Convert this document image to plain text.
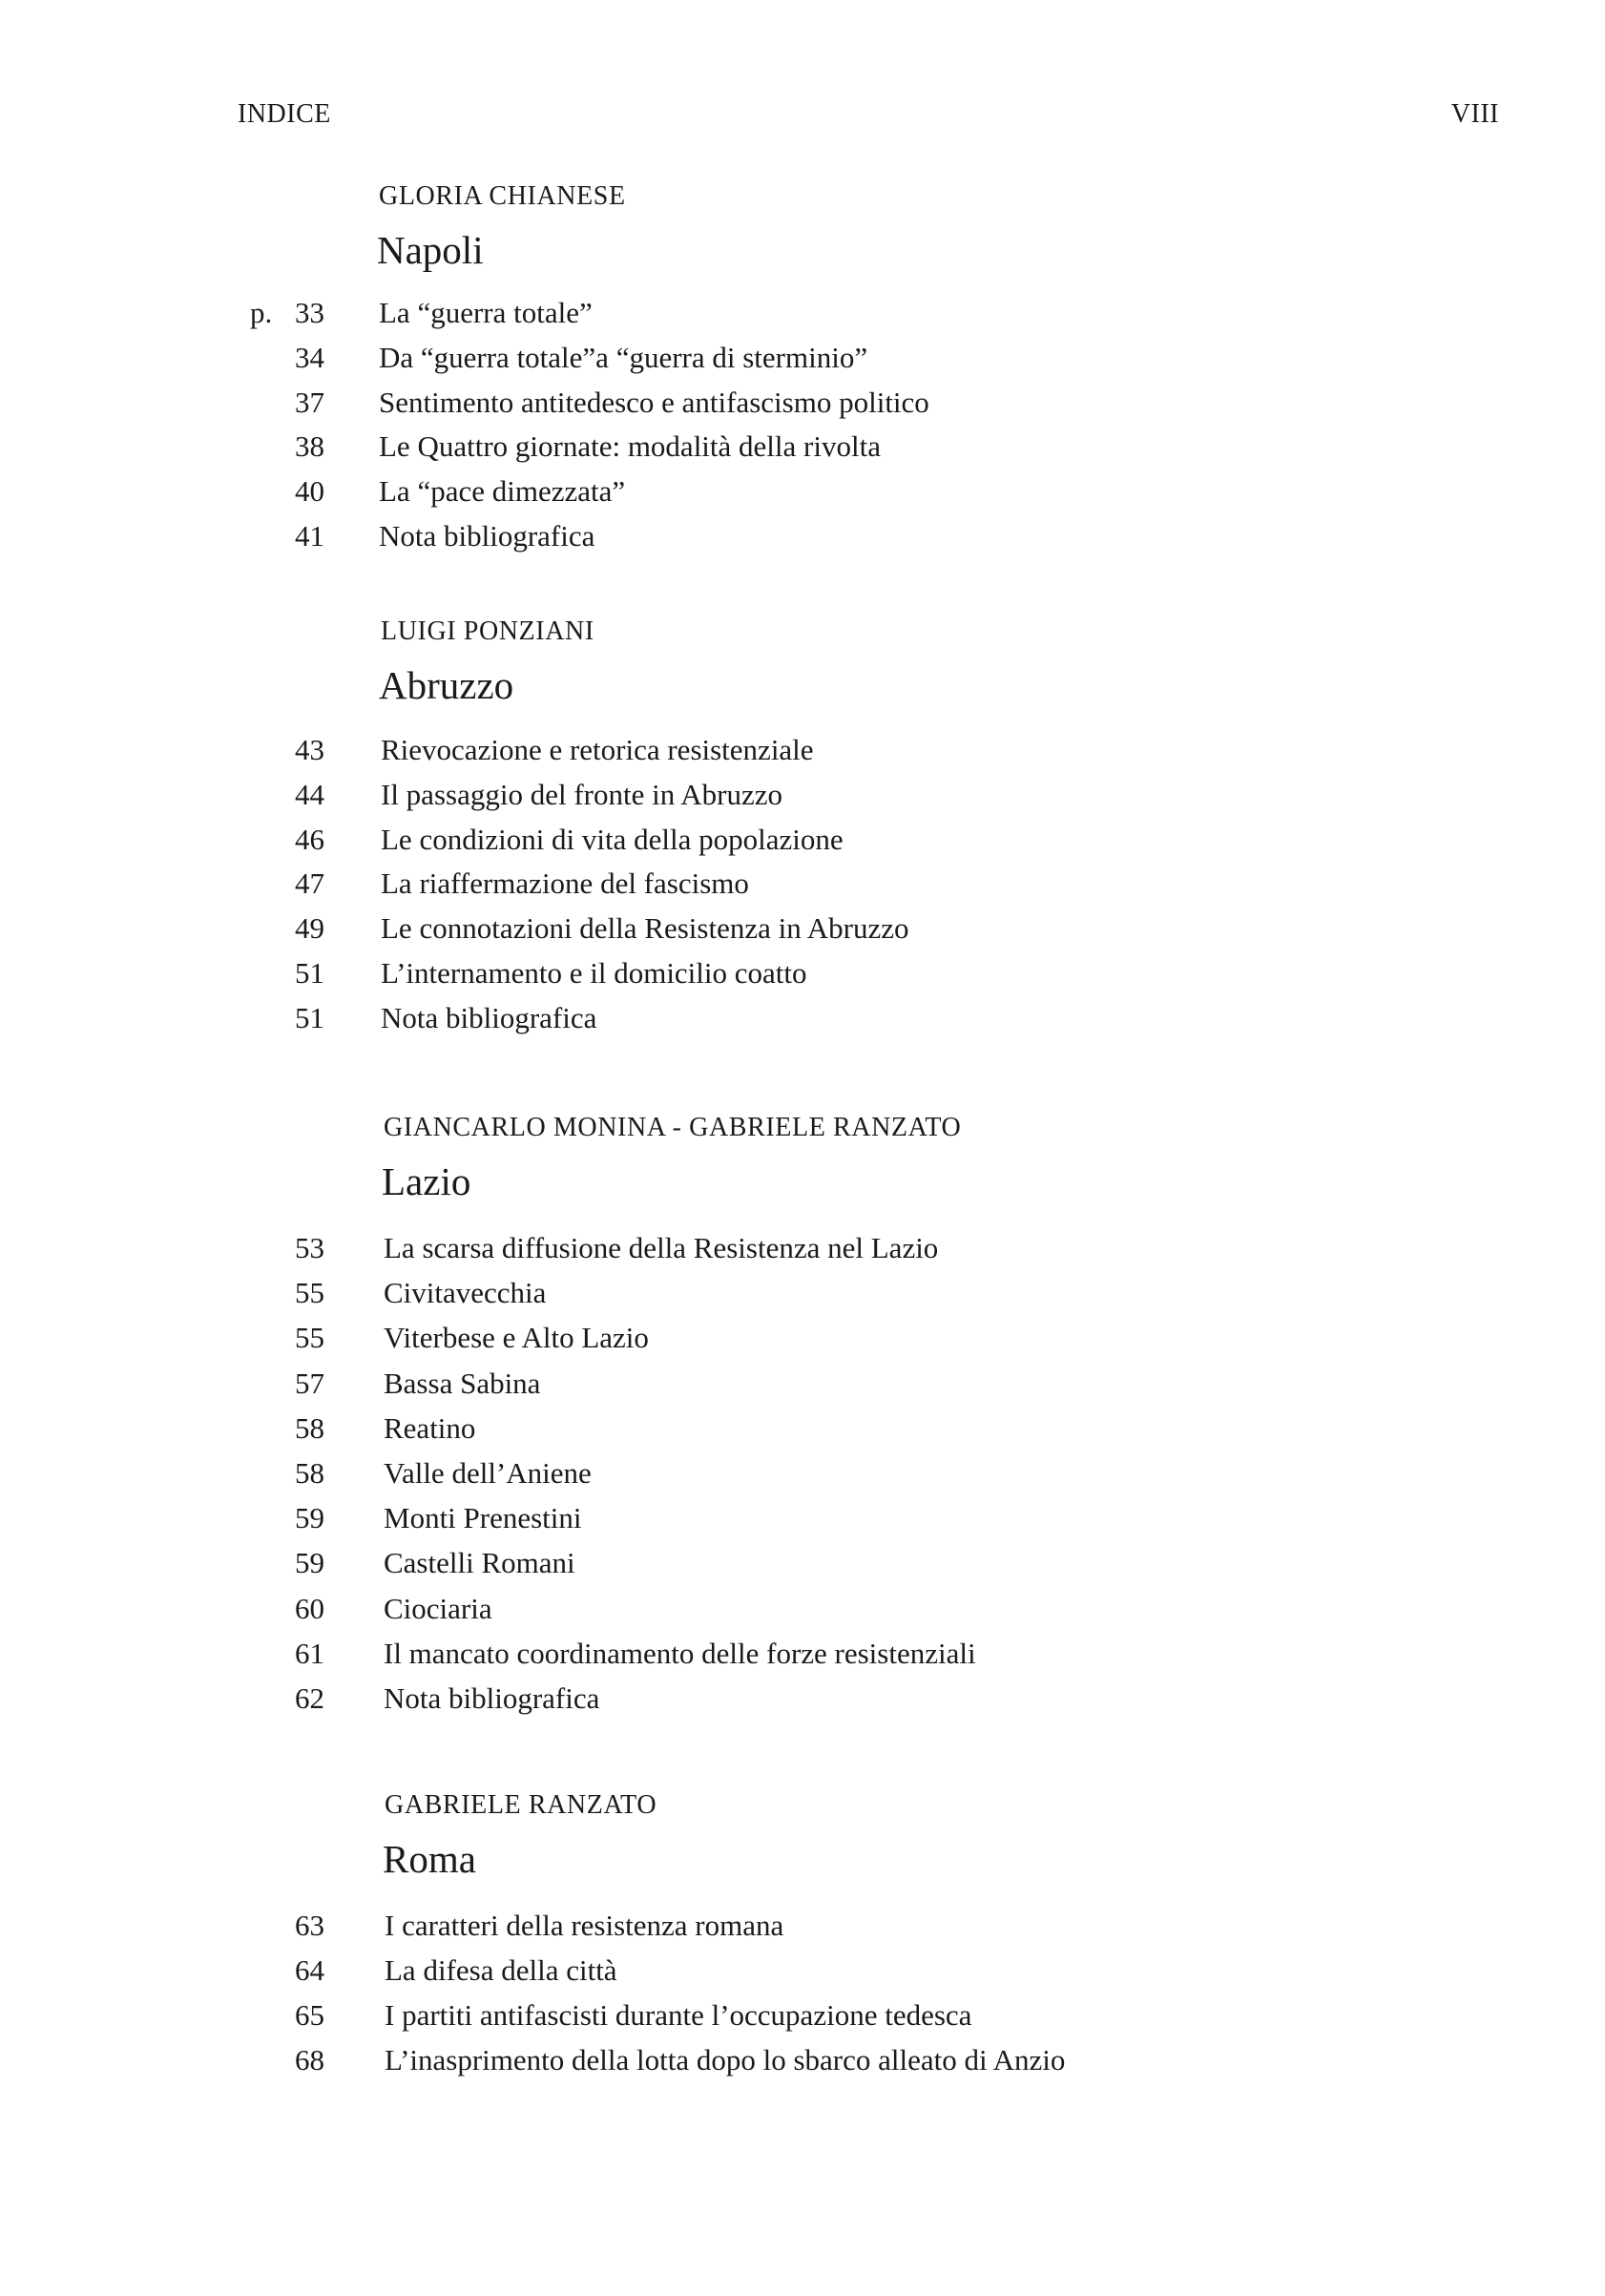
INDICE	VIII
GLORIA CHIANESE
Napoli
p. 33 La “guerra totale”
34 Da “guerra totale”a “guerra di sterminio”
37 Sentimento antitedesco e antifascismo politico
38 Le Quattro giornate: modalità della rivolta
40 La “pace dimezzata”
41 Nota bibliografica
LUIGI PONZIANI
Abruzzo
43 Rievocazione e retorica resistenziale
44 Il passaggio del fronte in Abruzzo
46 Le condizioni di vita della popolazione
47 La riaffermazione del fascismo
49 Le connotazioni della Resistenza in Abruzzo
51 L’internamento e il domicilio coatto
51 Nota bibliografica
GIANCARLO MONINA - GABRIELE RANZATO
Lazio
53 La scarsa diffusione della Resistenza nel Lazio
55 Civitavecchia
55 Viterbese e Alto Lazio
57 Bassa Sabina
58 Reatino
58 Valle dell’Aniene
59 Monti Prenestini
59 Castelli Romani
60 Ciociaria
61 Il mancato coordinamento delle forze resistenziali
62 Nota bibliografica
GABRIELE RANZATO
Roma
63 I caratteri della resistenza romana
64 La difesa della città
65 I partiti antifascisti durante l’occupazione tedesca
68 L’inasprimento della lotta dopo lo sbarco alleato di Anzio
